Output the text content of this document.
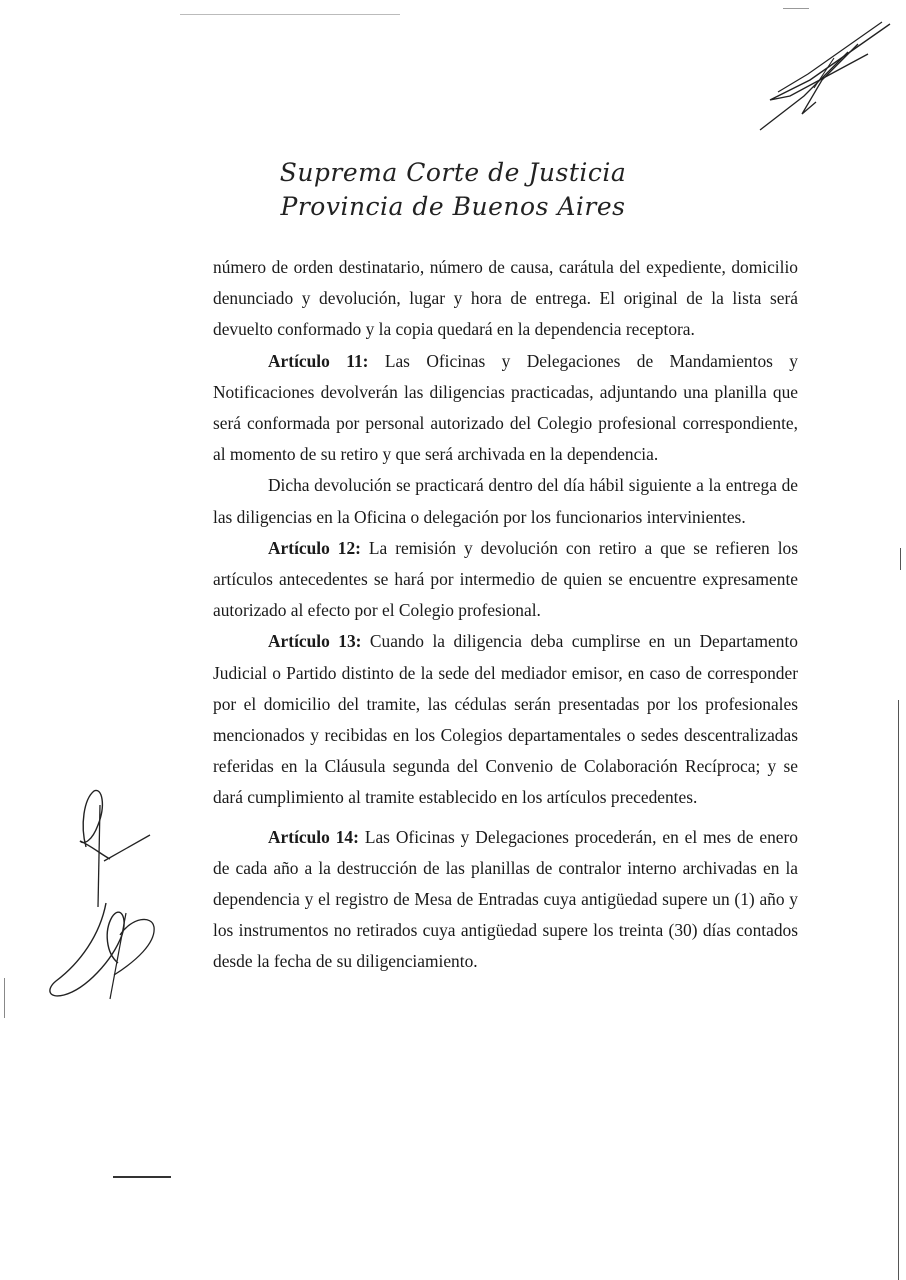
Suprema Corte de Justicia
Provincia de Buenos Aires

número de orden destinatario, número de causa, carátula del expediente, domicilio denunciado y devolución, lugar y hora de entrega. El original de la lista será devuelto conformado y la copia quedará en la dependencia receptora.

Artículo 11: Las Oficinas y Delegaciones de Mandamientos y Notificaciones devolverán las diligencias practicadas, adjuntando una planilla que será conformada por personal autorizado del Colegio profesional correspondiente, al momento de su retiro y que será archivada en la dependencia.

Dicha devolución se practicará dentro del día hábil siguiente a la entrega de las diligencias en la Oficina o delegación por los funcionarios intervinientes.

Artículo 12: La remisión y devolución con retiro a que se refieren los artículos antecedentes se hará por intermedio de quien se encuentre expresamente autorizado al efecto por el Colegio profesional.

Artículo 13: Cuando la diligencia deba cumplirse en un Departamento Judicial o Partido distinto de la sede del mediador emisor, en caso de corresponder por el domicilio del tramite, las cédulas serán presentadas por los profesionales mencionados y recibidas en los Colegios departamentales o sedes descentralizadas referidas en la Cláusula segunda del Convenio de Colaboración Recíproca; y se dará cumplimiento al tramite establecido en los artículos precedentes.

Artículo 14: Las Oficinas y Delegaciones procederán, en el mes de enero de cada año a la destrucción de las planillas de contralor interno archivadas en la dependencia y el registro de Mesa de Entradas cuya antigüedad supere un (1) año y los instrumentos no retirados cuya antigüedad supere los treinta (30) días contados desde la fecha de su diligenciamiento.
